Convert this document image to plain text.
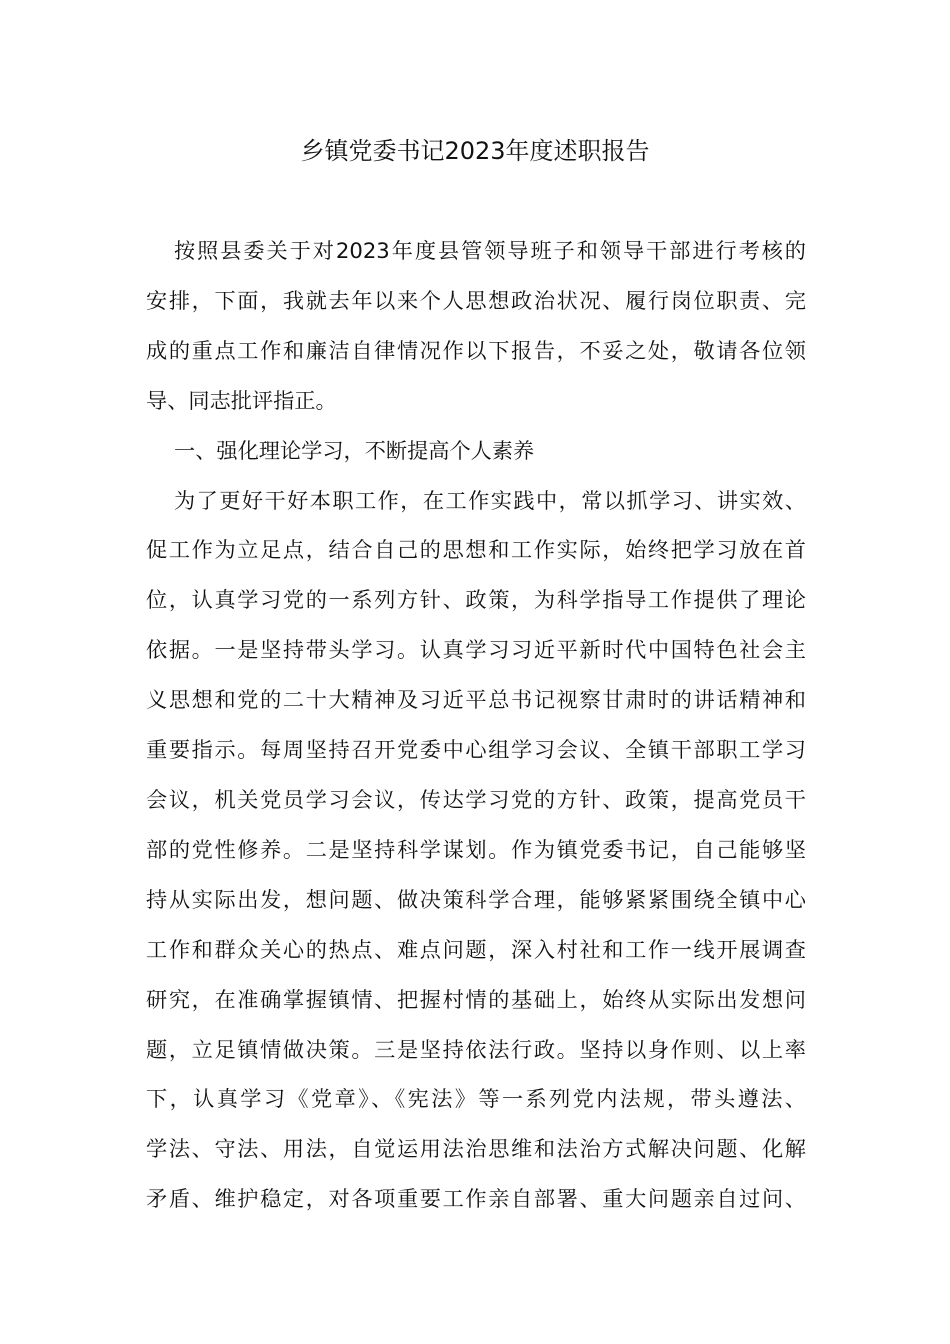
乡镇党委书记2023年度述职报告
按照县委关于对2023年度县管领导班子和领导干部进行考核的
安排，下面，我就去年以来个人思想政治状况、履行岗位职责、完
成的重点工作和廉洁自律情况作以下报告，不妥之处，敬请各位领
导、同志批评指正。
一、强化理论学习，不断提高个人素养
为了更好干好本职工作，在工作实践中，常以抓学习、讲实效、
促工作为立足点，结合自己的思想和工作实际，始终把学习放在首
位，认真学习党的一系列方针、政策，为科学指导工作提供了理论
依据。一是坚持带头学习。认真学习习近平新时代中国特色社会主
义思想和党的二十大精神及习近平总书记视察甘肃时的讲话精神和
重要指示。每周坚持召开党委中心组学习会议、全镇干部职工学习
会议，机关党员学习会议，传达学习党的方针、政策，提高党员干
部的党性修养。二是坚持科学谋划。作为镇党委书记，自己能够坚
持从实际出发，想问题、做决策科学合理，能够紧紧围绕全镇中心
工作和群众关心的热点、难点问题，深入村社和工作一线开展调查
研究，在准确掌握镇情、把握村情的基础上，始终从实际出发想问
题，立足镇情做决策。三是坚持依法行政。坚持以身作则、以上率
下，认真学习《党章》、《宪法》等一系列党内法规，带头遵法、
学法、守法、用法，自觉运用法治思维和法治方式解决问题、化解
矛盾、维护稳定，对各项重要工作亲自部署、重大问题亲自过问、
